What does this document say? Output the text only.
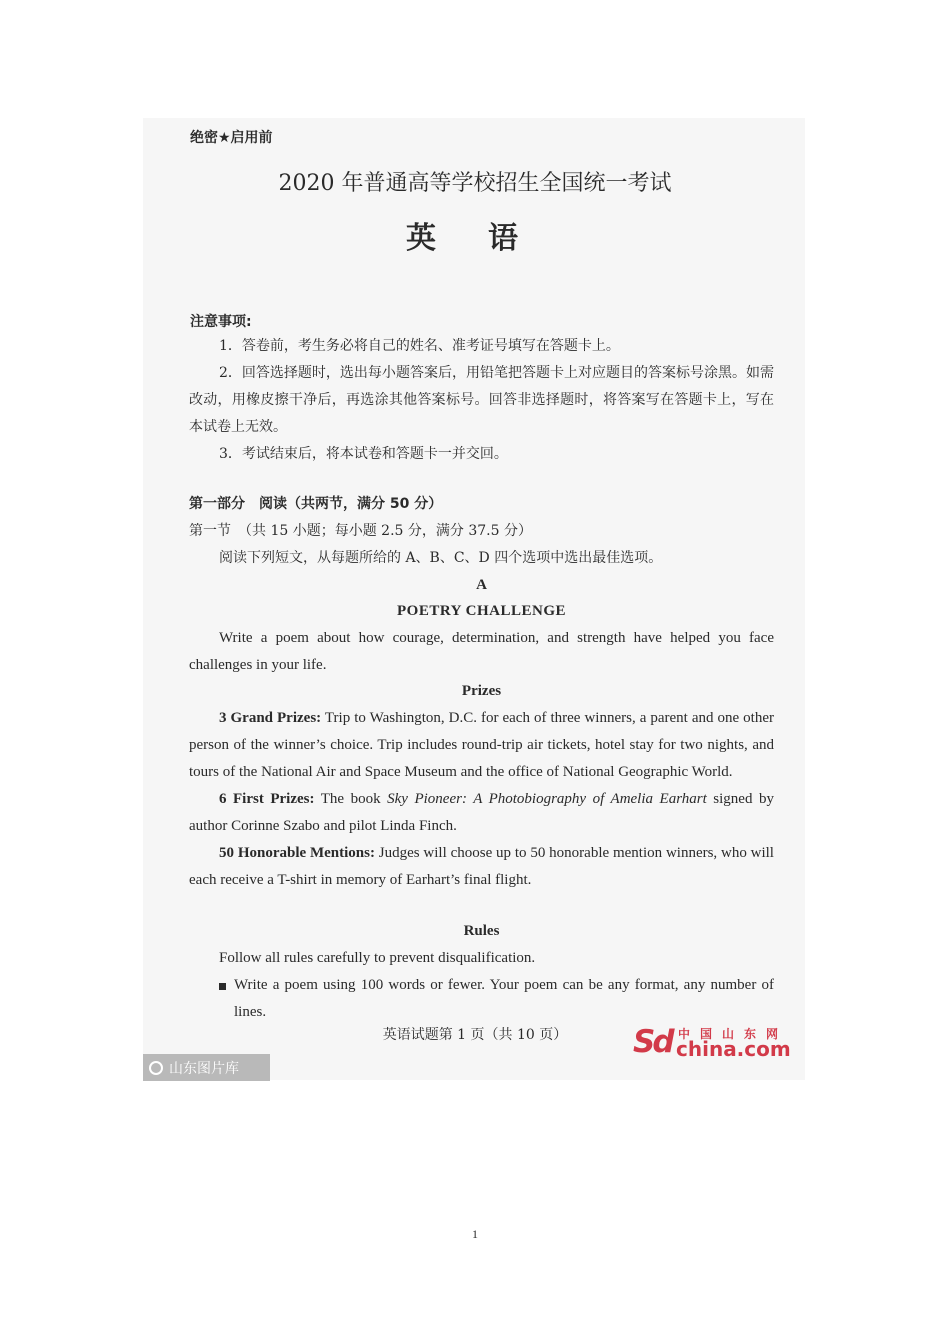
绝密★启用前
2020 年普通高等学校招生全国统一考试
英语
注意事项:

1．答卷前，考生务必将自己的姓名、准考证号填写在答题卡上。

2．回答选择题时，选出每小题答案后，用铅笔把答题卡上对应题目的答案标号涂黑。如需改动，用橡皮擦干净后，再选涂其他答案标号。回答非选择题时，将答案写在答题卡上，写在本试卷上无效。

3．考试结束后，将本试卷和答题卡一并交回。

第一部分　阅读（共两节，满分 50 分）

第一节　（共 15 小题；每小题 2.5 分，满分 37.5 分）

阅读下列短文，从每题所给的 A、B、C、D 四个选项中选出最佳选项。

A
POETRY CHALLENGE

Write a poem about how courage, determination, and strength have helped you face challenges in your life.

Prizes

3 Grand Prizes: Trip to Washington, D.C. for each of three winners, a parent and one other person of the winner’s choice. Trip includes round-trip air tickets, hotel stay for two nights, and tours of the National Air and Space Museum and the office of National Geographic World.

6 First Prizes: The book Sky Pioneer: A Photobiography of Amelia Earhart signed by author Corinne Szabo and pilot Linda Finch.

50 Honorable Mentions: Judges will choose up to 50 honorable mention winners, who will each receive a T-shirt in memory of Earhart’s final flight.

Rules

Follow all rules carefully to prevent disqualification.

Write a poem using 100 words or fewer. Your poem can be any format, any number of lines.
英语试题第 1 页（共 10 页）	Sd 中国山东网
china.com
山东图片库
1
